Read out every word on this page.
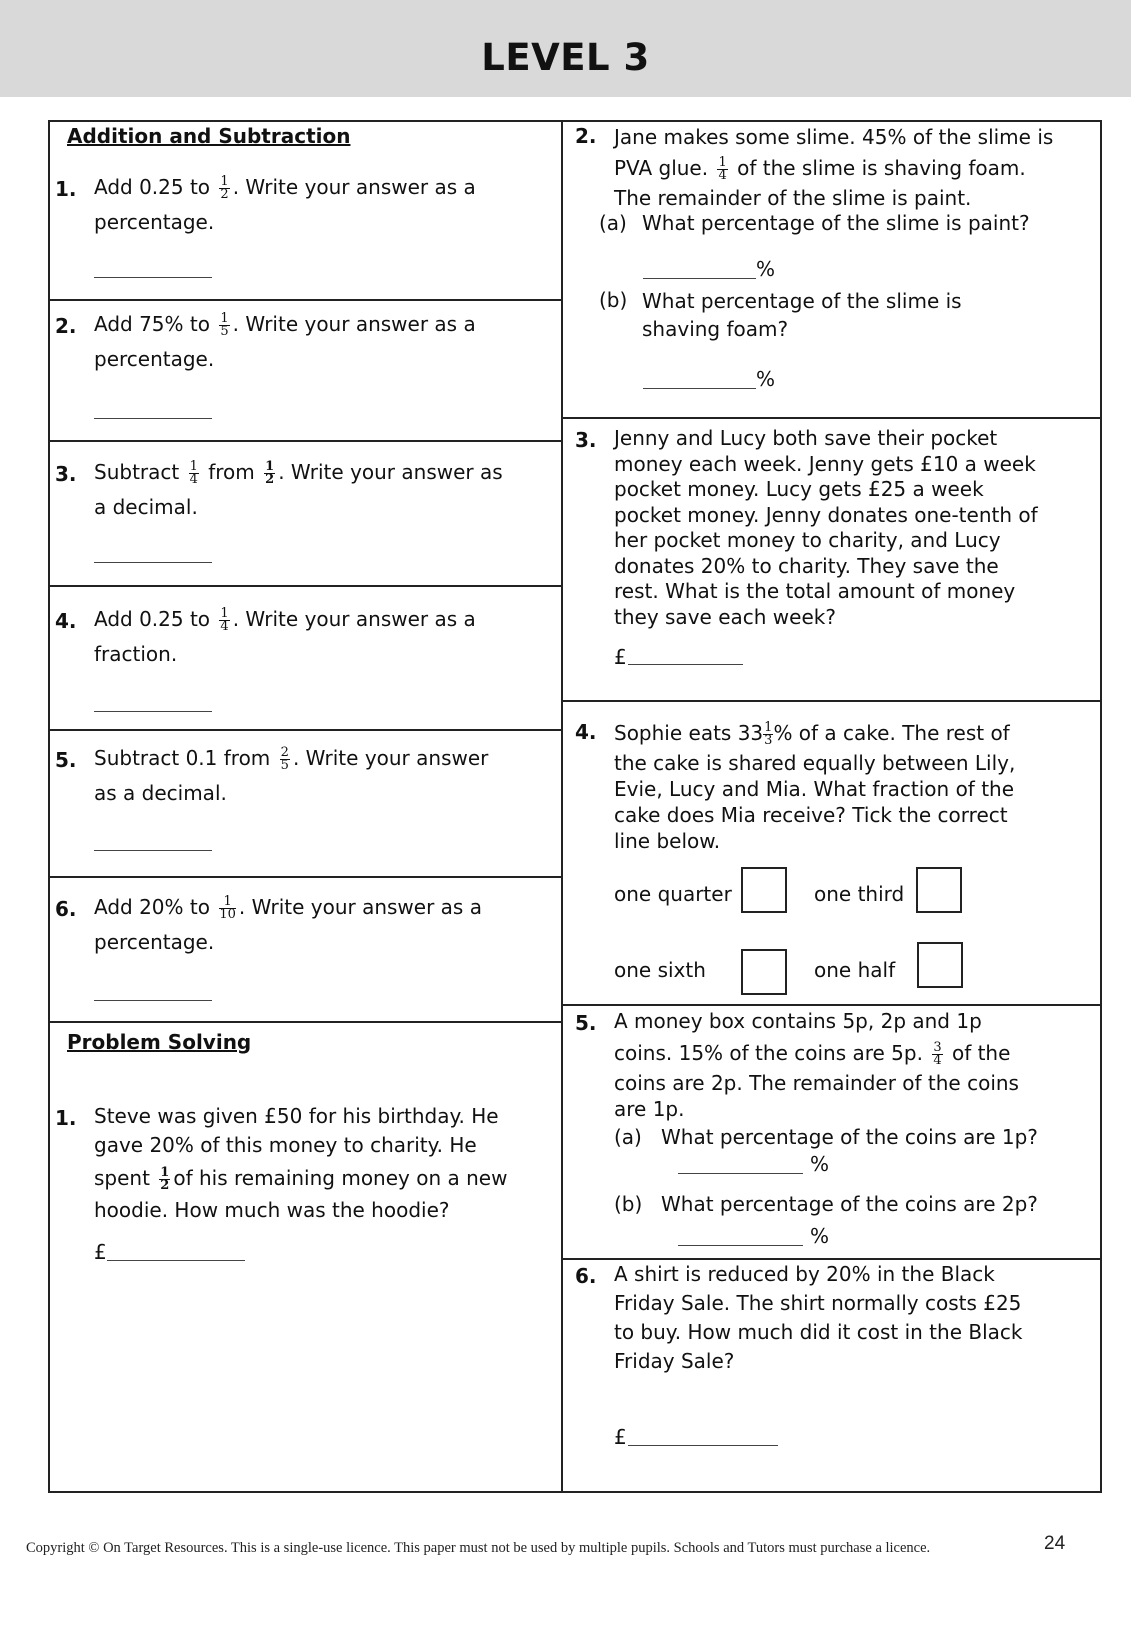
LEVEL 3
Addition and Subtraction
1. Add 0.25 to $\frac{1}{2}$ . Write your answer as a
percentage.
2. Add 75% to $\frac{1}{5}$ . Write your answer as a
percentage.
3. Subtract $\frac{1}{4}$ from $\frac{1}{2}$ . Write your answer as
a decimal.
4. Add 0.25 to $\frac{1}{4}$ . Write your answer as a
fraction.
5. Subtract 0.1 from $\frac{2}{5}$ . Write your answer
as a decimal.
6. Add 20% to $\frac{1}{10}$ . Write your answer as a
percentage.
Problem Solving
1. Steve was given £50 for his birthday. He
gave 20% of this money to charity. He
spent $\frac{1}{2}$ of his remaining money on a new
hoodie. How much was the hoodie?
£
2. Jane makes some slime. 45% of the slime is
PVA glue. $\frac{1}{4}$ of the slime is shaving foam.
The remainder of the slime is paint.
(a) What percentage of the slime is paint?
%
(b) What percentage of the slime is
shaving foam?
%
3. Jenny and Lucy both save their pocket
money each week. Jenny gets £10 a week
pocket money. Lucy gets £25 a week
pocket money. Jenny donates one-tenth of
her pocket money to charity, and Lucy
donates 20% to charity. They save the
rest. What is the total amount of money
they save each week?
£
4. Sophie eats $33 \frac{1}{3}$ % of a cake. The rest of
the cake is shared equally between Lily,
Evie, Lucy and Mia. What fraction of the
cake does Mia receive? Tick the correct
line below.
one quarter	one third
one sixth	one half
5. A money box contains 5p, 2p and 1p
coins. 15% of the coins are 5p. $\frac{3}{4}$ of the
coins are 2p. The remainder of the coins
are 1p.
(a) What percentage of the coins are 1p?
%
(b) What percentage of the coins are 2p?
%
6. A shirt is reduced by 20% in the Black
Friday Sale. The shirt normally costs £25
to buy. How much did it cost in the Black
Friday Sale?
£
Copyright © On Target Resources. This is a single-use licence. This paper must not be used by multiple pupils. Schools and Tutors must purchase a licence.	24
